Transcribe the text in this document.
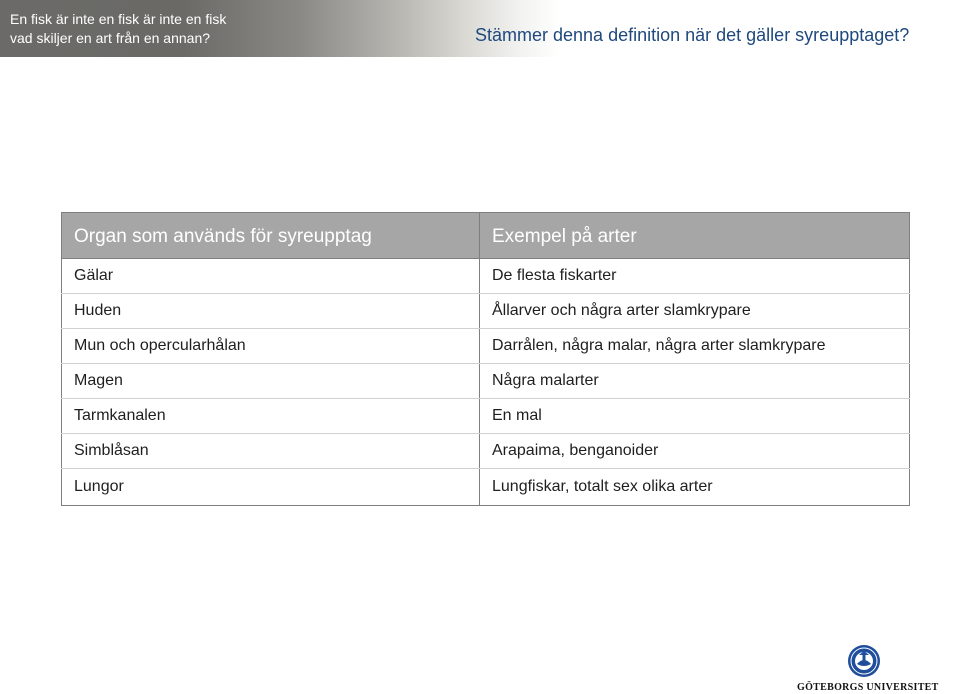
En fisk är inte en fisk är inte en fisk
vad skiljer en art från en annan?	Stämmer denna definition när det gäller syreupptaget?
Organ som används för syreupptag	Exempel på arter
Gälar	De flesta fiskarter
Huden	Ållarver och några arter slamkrypare
Mun och opercularhålan	Darrålen, några malar, några arter slamkrypare
Magen	Några malarter
Tarmkanalen	En mal
Simblåsan	Arapaima, benganoider
Lungor	Lungfiskar, totalt sex olika arter
GÖTEBORGS UNIVERSITET
